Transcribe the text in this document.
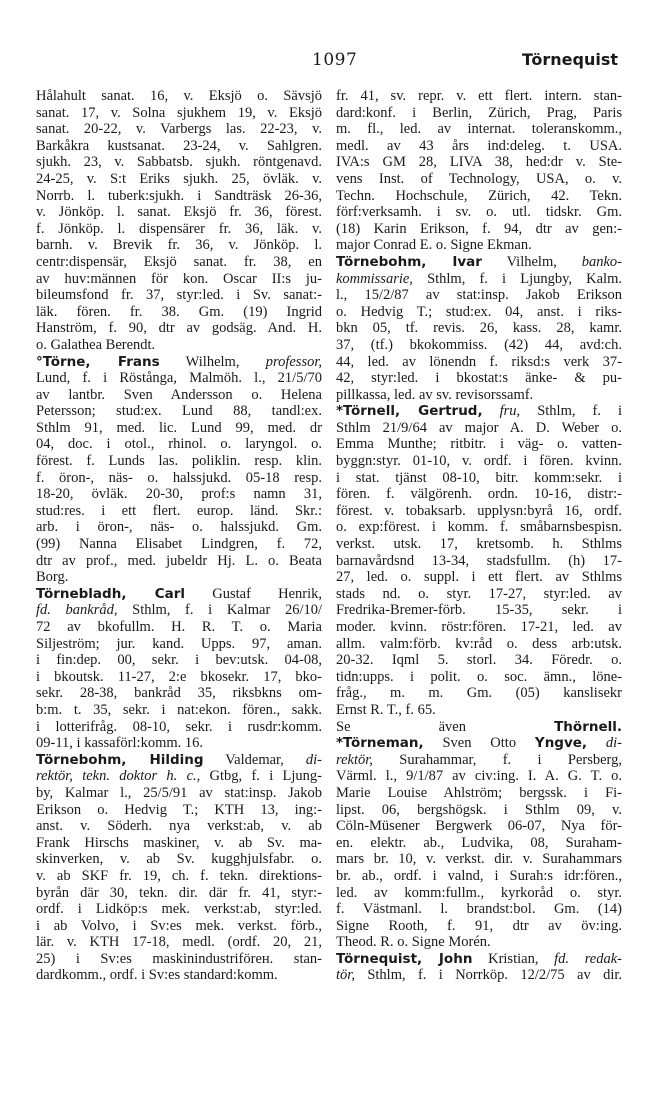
1097	Törnequist
Hålahult sanat. 16, v. Eksjö o. Sävsjö
sanat. 17, v. Solna sjukhem 19, v. Eksjö
sanat. 20-22, v. Varbergs las. 22-23, v.
Barkåkra kustsanat. 23-24, v. Sahlgren.
sjukh. 23, v. Sabbatsb. sjukh. röntgenavd.
24-25, v. S:t Eriks sjukh. 25, övläk. v.
Norrb. l. tuberk:sjukh. i Sandträsk 26-36,
v. Jönköp. l. sanat. Eksjö fr. 36, förest.
f. Jönköp. l. dispensärer fr. 36, läk. v.
barnh. v. Brevik fr. 36, v. Jönköp. l.
centr:dispensär, Eksjö sanat. fr. 38, en
av huv:männen för kon. Oscar II:s ju-
bileumsfond fr. 37, styr:led. i Sv. sanat:-
läk. fören. fr. 38. Gm. (19) Ingrid
Hanström, f. 90, dtr av godsäg. And. H.
o. Galathea Berendt.
°Törne, Frans Wilhelm, professor,
Lund, f. i Röstånga, Malmöh. l., 21/5/70
av lantbr. Sven Andersson o. Helena
Petersson; stud:ex. Lund 88, tandl:ex.
Sthlm 91, med. lic. Lund 99, med. dr
04, doc. i otol., rhinol. o. laryngol. o.
förest. f. Lunds las. poliklin. resp. klin.
f. öron-, näs- o. halssjukd. 05-18 resp.
18-20, övläk. 20-30, prof:s namn 31,
stud:res. i ett flert. europ. länd. Skr.:
arb. i öron-, näs- o. halssjukd. Gm.
(99) Nanna Elisabet Lindgren, f. 72,
dtr av prof., med. jubeldr Hj. L. o. Beata
Borg.
Törnebladh, Carl Gustaf Henrik,
fd. bankråd, Sthlm, f. i Kalmar 26/10/
72 av bkofullm. H. R. T. o. Maria
Siljeström; jur. kand. Upps. 97, aman.
i fin:dep. 00, sekr. i bev:utsk. 04-08,
i bkoutsk. 11-27, 2:e bkosekr. 17, bko-
sekr. 28-38, bankråd 35, riksbkns om-
b:m. t. 35, sekr. i nat:ekon. fören., sakk.
i lotterifråg. 08-10, sekr. i rusdr:komm.
09-11, i kassaförl:komm. 16.
Törnebohm, Hilding Valdemar, di-
rektör, tekn. doktor h. c., Gtbg, f. i Ljung-
by, Kalmar l., 25/5/91 av stat:insp. Jakob
Erikson o. Hedvig T.; KTH 13, ing:-
anst. v. Söderh. nya verkst:ab, v. ab
Frank Hirschs maskiner, v. ab Sv. ma-
skinverken, v. ab Sv. kugghjulsfabr. o.
v. ab SKF fr. 19, ch. f. tekn. direktions-
byrån där 30, tekn. dir. där fr. 41, styr:-
ordf. i Lidköp:s mek. verkst:ab, styr:led.
i ab Volvo, i Sv:es mek. verkst. förb.,
lär. v. KTH 17-18, medl. (ordf. 20, 21,
25) i Sv:es maskinindustriföreн. stan-
dardkomm., ordf. i Sv:es standard:komm.
fr. 41, sv. repr. v. ett flert. intern. stan-
dard:konf. i Berlin, Zürich, Prag, Paris
m. fl., led. av internat. toleranskomm.,
medl. av 43 års ind:deleg. t. USA.
IVA:s GM 28, LIVA 38, hed:dr v. Ste-
vens Inst. of Technology, USA, o. v.
Techn. Hochschule, Zürich, 42. Tekn.
förf:verksamh. i sv. o. utl. tidskr. Gm.
(18) Karin Erikson, f. 94, dtr av gen:-
major Conrad E. o. Signe Ekman.
Törnebohm, Ivar Vilhelm, banko-
kommissarie, Sthlm, f. i Ljungby, Kalm.
l., 15/2/87 av stat:insp. Jakob Erikson
o. Hedvig T.; stud:ex. 04, anst. i riks-
bkn 05, tf. revis. 26, kass. 28, kamr.
37, (tf.) bkokommiss. (42) 44, avd:ch.
44, led. av lönendn f. riksd:s verk 37-
42, styr:led. i bkostat:s änke- & pu-
pillkassa, led. av sv. revisorssamf.
*Törnell, Gertrud, fru, Sthlm, f. i
Sthlm 21/9/64 av major A. D. Weber o.
Emma Munthe; ritbitr. i väg- o. vatten-
byggn:styr. 01-10, v. ordf. i fören. kvinn.
i stat. tjänst 08-10, bitr. komm:sekr. i
fören. f. välgörenh. ordn. 10-16, distr:-
förest. v. tobaksarb. upplysn:byrå 16, ordf.
o. exp:förest. i komm. f. småbarnsbespisn.
verkst. utsk. 17, kretsomb. h. Sthlms
barnavårdsnd 13-34, stadsfullm. (h) 17-
27, led. o. suppl. i ett flert. av Sthlms
stads nd. o. styr. 17-27, styr:led. av
Fredrika-Bremer-förb. 15-35, sekr. i
moder. kvinn. röstr:fören. 17-21, led. av
allm. valm:förb. kv:råd o. dess arb:utsk.
20-32. Iqml 5. storl. 34. Föredr. o.
tidn:upps. i polit. o. soc. ämn., löne-
fråg., m. m. Gm. (05) kanslisekr
Ernst R. T., f. 65.
Se även Thörnell.
*Törneman, Sven Otto Yngve, di-
rektör, Surahammar, f. i Persberg,
Värml. l., 9/1/87 av civ:ing. I. A. G. T. o.
Marie Louise Ahlström; bergssk. i Fi-
lipst. 06, bergshögsk. i Sthlm 09, v.
Cöln-Müsener Bergwerk 06-07, Nya för-
en. elektr. ab., Ludvika, 08, Suraham-
mars br. 10, v. verkst. dir. v. Surahammars
br. ab., ordf. i valnd, i Surah:s idr:fören.,
led. av komm:fullm., kyrkoråd o. styr.
f. Västmanl. l. brandst:bol. Gm. (14)
Signe Rooth, f. 91, dtr av öv:ing.
Theod. R. o. Signe Morén.
Törnequist, John Kristian, fd. redak-
tör, Sthlm, f. i Norrköp. 12/2/75 av dir.
